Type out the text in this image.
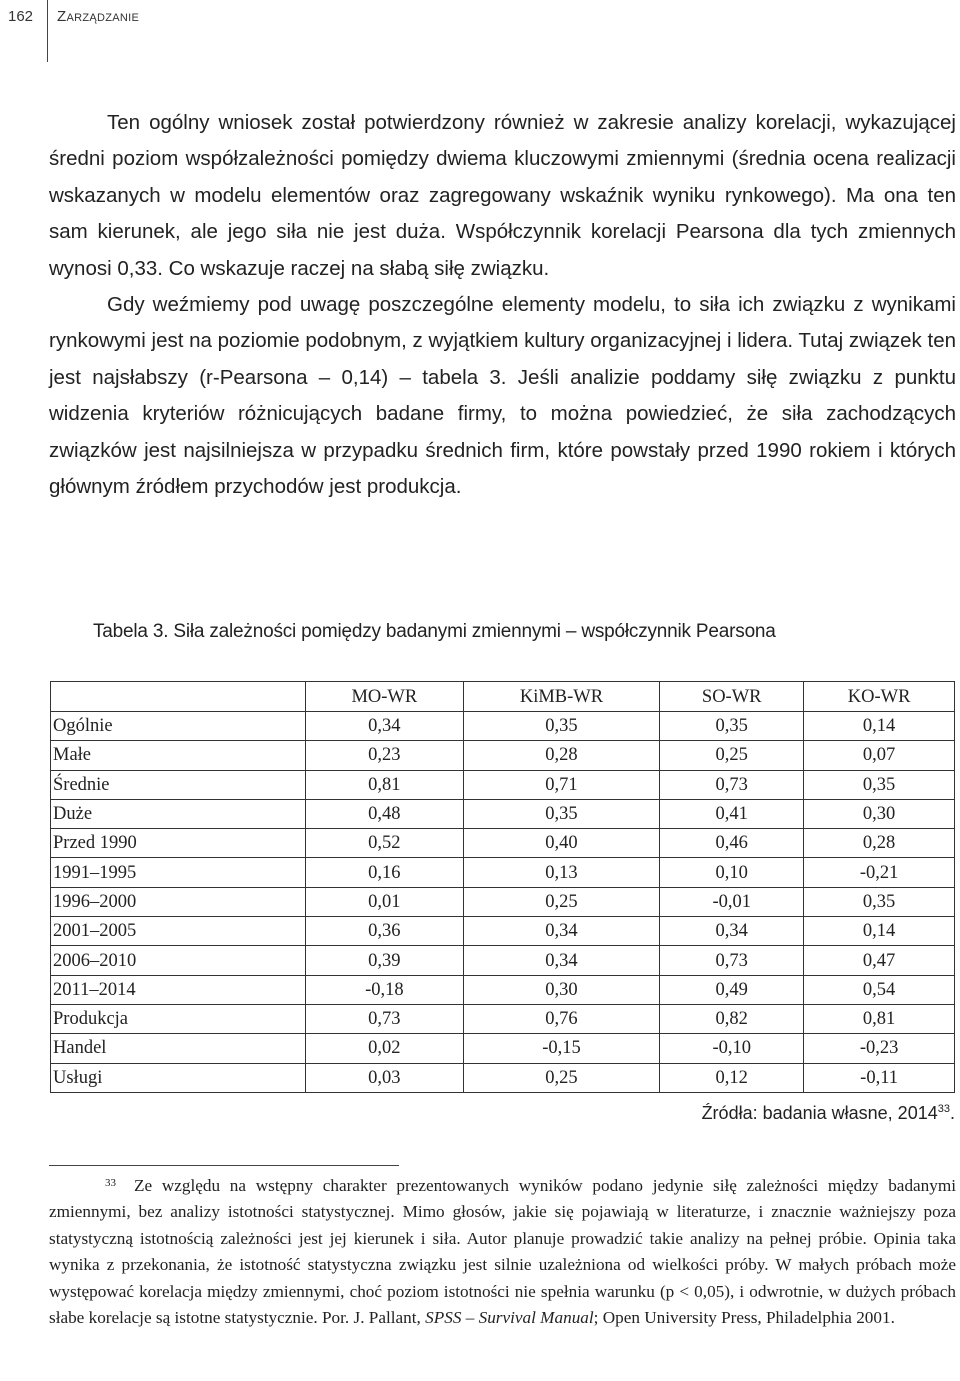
162 Zarządzanie

Ten ogólny wniosek został potwierdzony również w zakresie analizy korelacji, wykazującej średni poziom współzależności pomiędzy dwiema kluczowymi zmiennymi (średnia ocena realizacji wskazanych w modelu elementów oraz zagregowany wskaźnik wyniku rynkowego). Ma ona ten sam kierunek, ale jego siła nie jest duża. Współczynnik korelacji Pearsona dla tych zmiennych wynosi 0,33. Co wskazuje raczej na słabą siłę związku.

Gdy weźmiemy pod uwagę poszczególne elementy modelu, to siła ich związku z wynikami rynkowymi jest na poziomie podobnym, z wyjątkiem kultury organizacyjnej i lidera. Tutaj związek ten jest najsłabszy (r-Pearsona – 0,14) – tabela 3. Jeśli analizie poddamy siłę związku z punktu widzenia kryteriów różnicujących badane firmy, to można powiedzieć, że siła zachodzących związków jest najsilniejsza w przypadku średnich firm, które powstały przed 1990 rokiem i których głównym źródłem przychodów jest produkcja.

Tabela 3. Siła zależności pomiędzy badanymi zmiennymi – współczynnik Pearsona
	MO-WR	KiMB-WR	SO-WR	KO-WR
Ogólnie	0,34	0,35	0,35	0,14
Małe	0,23	0,28	0,25	0,07
Średnie	0,81	0,71	0,73	0,35
Duże	0,48	0,35	0,41	0,30
Przed 1990	0,52	0,40	0,46	0,28
1991–1995	0,16	0,13	0,10	-0,21
1996–2000	0,01	0,25	-0,01	0,35
2001–2005	0,36	0,34	0,34	0,14
2006–2010	0,39	0,34	0,73	0,47
2011–2014	-0,18	0,30	0,49	0,54
Produkcja	0,73	0,76	0,82	0,81
Handel	0,02	-0,15	-0,10	-0,23
Usługi	0,03	0,25	0,12	-0,11
Źródła: badania własne, 2014$^{33}$.

$^{33}$ Ze względu na wstępny charakter prezentowanych wyników podano jedynie siłę zależności między badanymi zmiennymi, bez analizy istotności statystycznej. Mimo głosów, jakie się pojawiają w literaturze, i znacznie ważniejszy poza statystyczną istotnością zależności jest jej kierunek i siła. Autor planuje prowadzić takie analizy na pełnej próbie. Opinia taka wynika z przekonania, że istotność statystyczna związku jest silnie uzależniona od wielkości próby. W małych próbach może występować korelacja między zmiennymi, choć poziom istotności nie spełnia warunku (p < 0,05), i odwrotnie, w dużych próbach słabe korelacje są istotne statystycznie. Por. J. Pallant, SPSS – Survival Manual; Open University Press, Philadelphia 2001.
